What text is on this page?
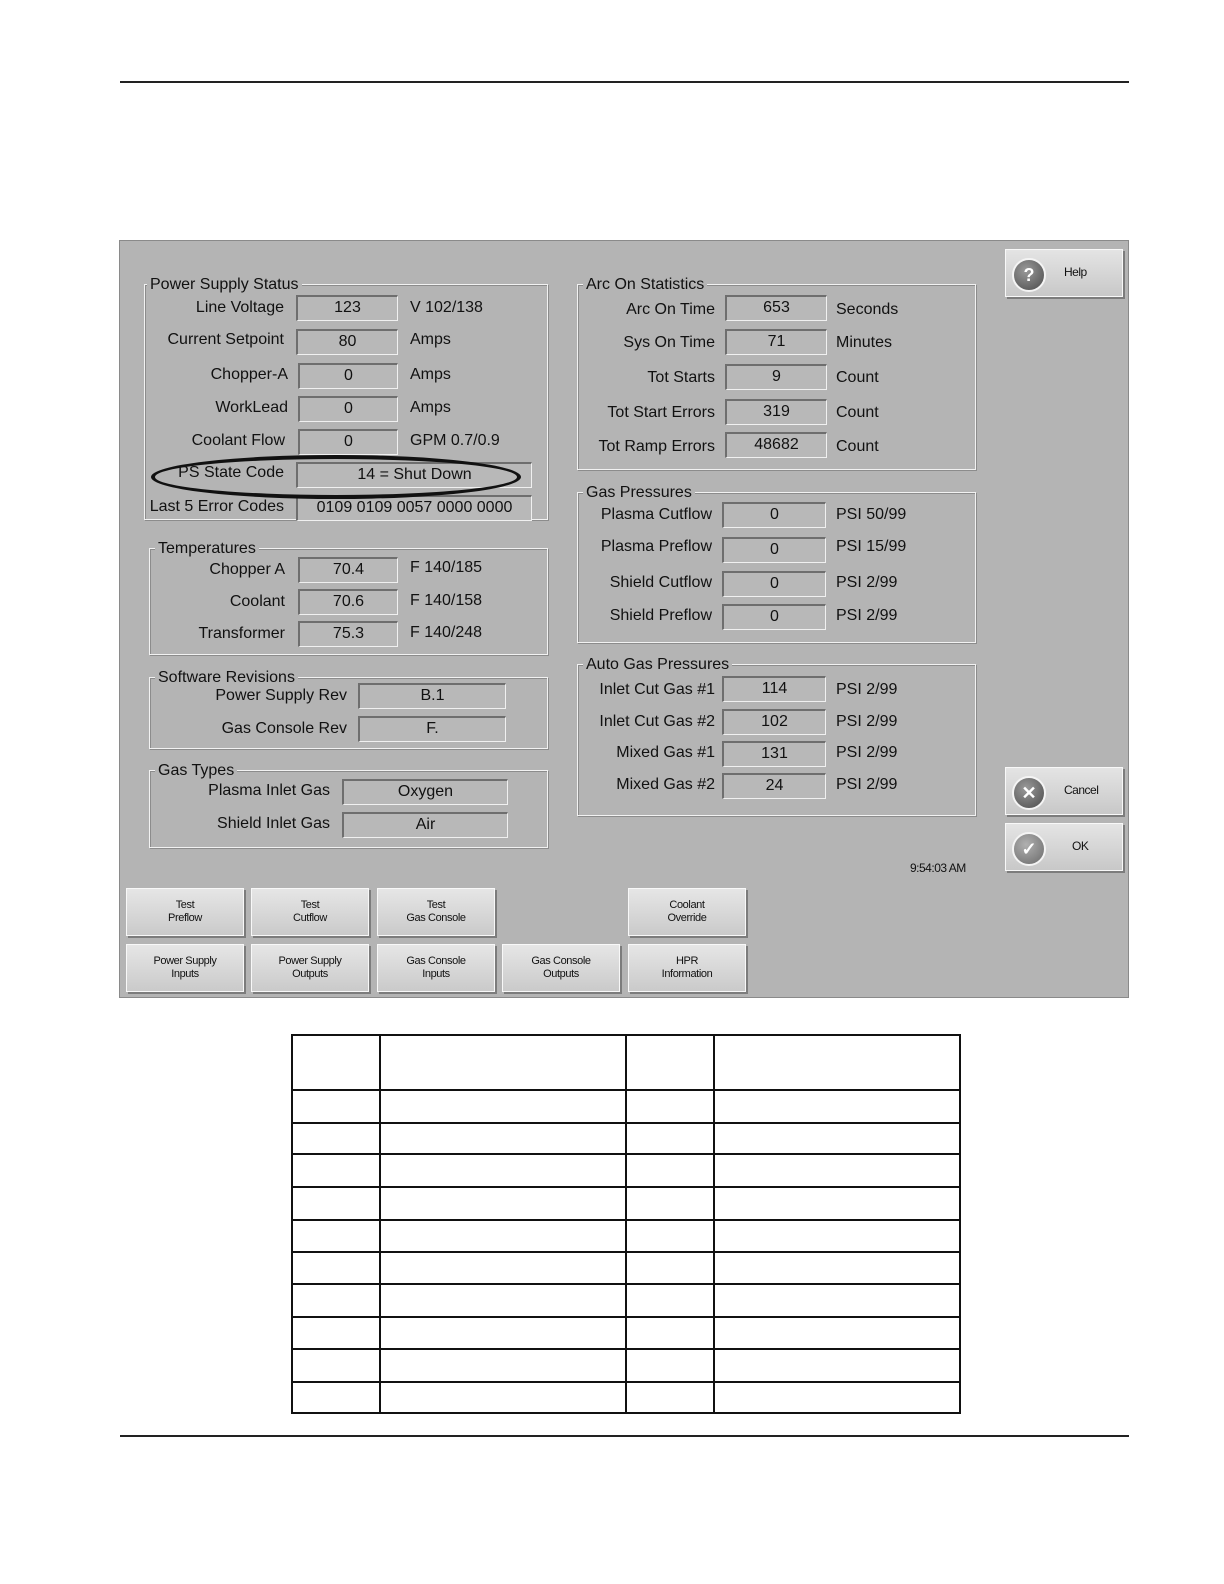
Power Supply Status
Line Voltage	123	V 102/138
Current Setpoint	80	Amps
Chopper-A	0	Amps
WorkLead	0	Amps
Coolant Flow	0	GPM 0.7/0.9
PS State Code	14 = Shut Down
Last 5 Error Codes	0109 0109 0057 0000 0000
Temperatures
Chopper A	70.4	F 140/185
Coolant	70.6	F 140/158
Transformer	75.3	F 140/248
Software Revisions
Power Supply Rev	B.1
Gas Console Rev	F.
Gas Types
Plasma Inlet Gas	Oxygen
Shield Inlet Gas	Air
Arc On Statistics
Arc On Time	653	Seconds
Sys On Time	71	Minutes
Tot Starts	9	Count
Tot Start Errors	319	Count
Tot Ramp Errors	48682	Count
Gas Pressures
Plasma Cutflow	0	PSI 50/99
Plasma Preflow	0	PSI 15/99
Shield Cutflow	0	PSI 2/99
Shield Preflow	0	PSI 2/99
Auto Gas Pressures
Inlet Cut Gas #1	114	PSI 2/99
Inlet Cut Gas #2	102	PSI 2/99
Mixed Gas #1	131	PSI 2/99
Mixed Gas #2	24	PSI 2/99
?	Help
✕	Cancel
✓	OK
9:54:03 AM
Test
Preflow
Test
Cutflow
Test
Gas Console
Coolant
Override
Power Supply
Inputs
Power Supply
Outputs
Gas Console
Inputs
Gas Console
Outputs
HPR
Information
